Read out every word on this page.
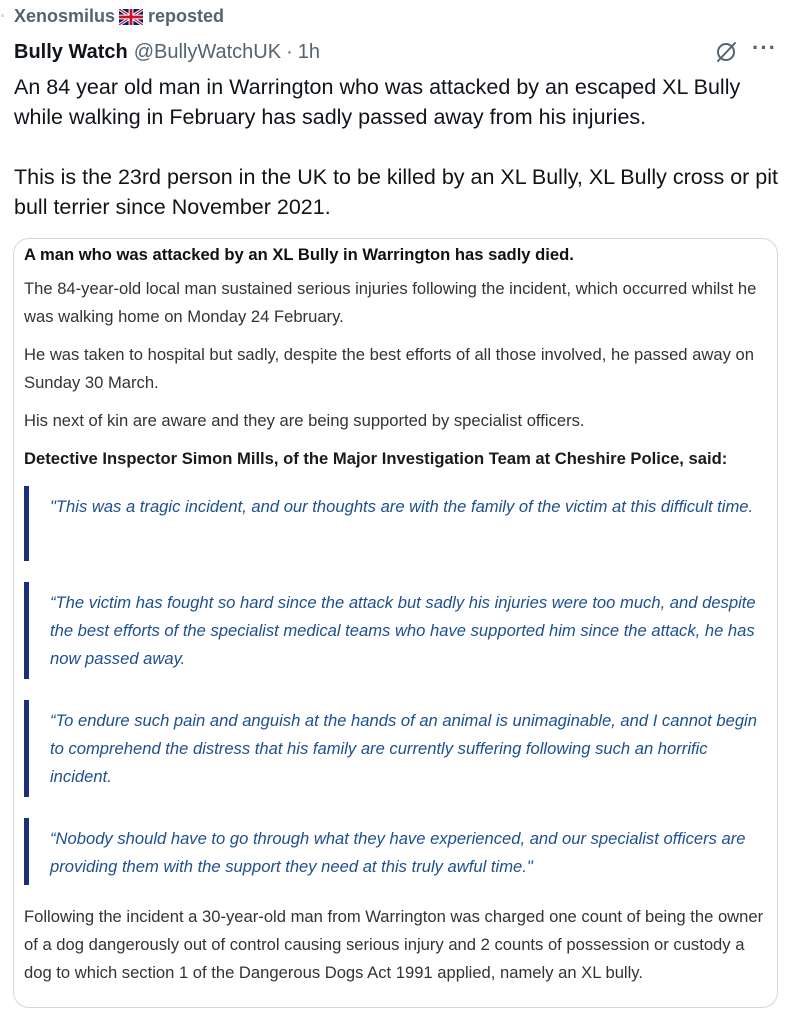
· Xenosmilus reposted
Bully Watch @BullyWatchUK · 1h	···

An 84 year old man in Warrington who was attacked by an escaped XL Bully while walking in February has sadly passed away from his injuries.

This is the 23rd person in the UK to be killed by an XL Bully, XL Bully cross or pit bull terrier since November 2021.

A man who was attacked by an XL Bully in Warrington has sadly died.

The 84-year-old local man sustained serious injuries following the incident, which occurred whilst he was walking home on Monday 24 February.

He was taken to hospital but sadly, despite the best efforts of all those involved, he passed away on Sunday 30 March.

His next of kin are aware and they are being supported by specialist officers.

Detective Inspector Simon Mills, of the Major Investigation Team at Cheshire Police, said:

"This was a tragic incident, and our thoughts are with the family of the victim at this difficult time.

“The victim has fought so hard since the attack but sadly his injuries were too much, and despite the best efforts of the specialist medical teams who have supported him since the attack, he has now passed away.

“To endure such pain and anguish at the hands of an animal is unimaginable, and I cannot begin to comprehend the distress that his family are currently suffering following such an horrific incident.

“Nobody should have to go through what they have experienced, and our specialist officers are providing them with the support they need at this truly awful time."

Following the incident a 30-year-old man from Warrington was charged one count of being the owner of a dog dangerously out of control causing serious injury and 2 counts of possession or custody a dog to which section 1 of the Dangerous Dogs Act 1991 applied, namely an XL bully.
